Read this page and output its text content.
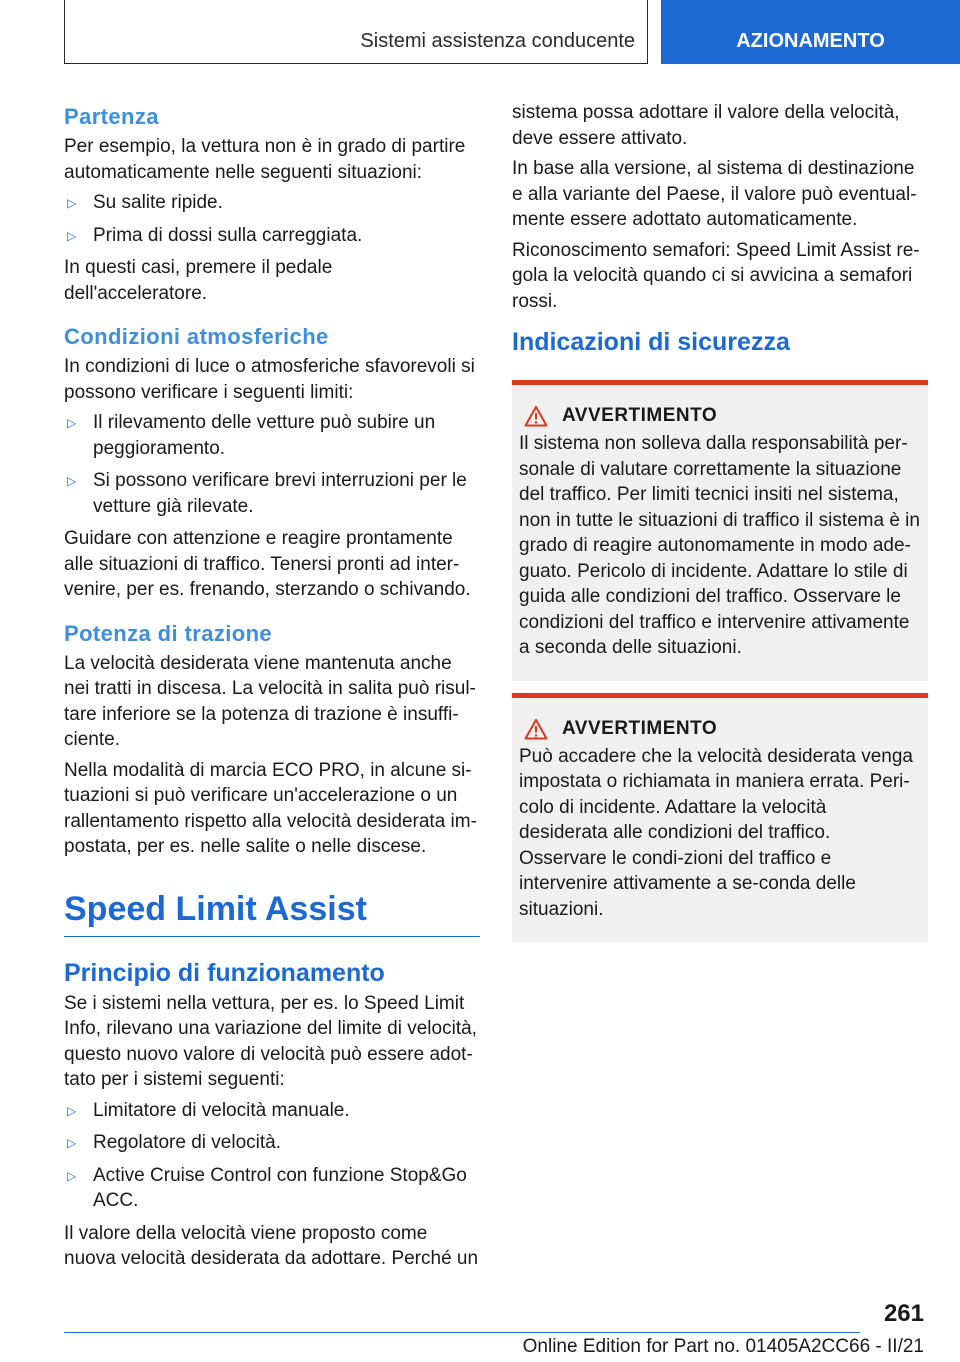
Sistemi assistenza conducente	AZIONAMENTO
Partenza

Per esempio, la vettura non è in grado di partire automaticamente nelle seguenti situazioni:

▷ Su salite ripide.
▷ Prima di dossi sulla carreggiata.

In questi casi, premere il pedale dell'acceleratore.

Condizioni atmosferiche

In condizioni di luce o atmosferiche sfavorevoli si possono verificare i seguenti limiti:

▷ Il rilevamento delle vetture può subire un peggioramento.
▷ Si possono verificare brevi interruzioni per le vetture già rilevate.

Guidare con attenzione e reagire prontamente alle situazioni di traffico. Tenersi pronti ad inter-venire, per es. frenando, sterzando o schivando.

Potenza di trazione

La velocità desiderata viene mantenuta anche nei tratti in discesa. La velocità in salita può risul-tare inferiore se la potenza di trazione è insuffi-ciente.

Nella modalità di marcia ECO PRO, in alcune si-tuazioni si può verificare un'accelerazione o un rallentamento rispetto alla velocità desiderata im-postata, per es. nelle salite o nelle discese.

Speed Limit Assist
Principio di funzionamento

Se i sistemi nella vettura, per es. lo Speed Limit Info, rilevano una variazione del limite di velocità, questo nuovo valore di velocità può essere adot-tato per i sistemi seguenti:

▷ Limitatore di velocità manuale.
▷ Regolatore di velocità.
▷ Active Cruise Control con funzione Stop&Go ACC.

Il valore della velocità viene proposto come nuova velocità desiderata da adottare. Perché un

sistema possa adottare il valore della velocità, deve essere attivato.

In base alla versione, al sistema di destinazione e alla variante del Paese, il valore può eventual-mente essere adottato automaticamente.

Riconoscimento semafori: Speed Limit Assist re-gola la velocità quando ci si avvicina a semafori rossi.

Indicazioni di sicurezza
AVVERTIMENTO

Il sistema non solleva dalla responsabilità per-sonale di valutare correttamente la situazione del traffico. Per limiti tecnici insiti nel sistema, non in tutte le situazioni di traffico il sistema è in grado di reagire autonomamente in modo ade-guato. Pericolo di incidente. Adattare lo stile di guida alle condizioni del traffico. Osservare le condizioni del traffico e intervenire attivamente a seconda delle situazioni.

AVVERTIMENTO

Può accadere che la velocità desiderata venga impostata o richiamata in maniera errata. Peri-colo di incidente. Adattare la velocità desiderata alle condizioni del traffico. Osservare le condi-zioni del traffico e intervenire attivamente a se-conda delle situazioni.

261
Online Edition for Part no. 01405A2CC66 - II/21
